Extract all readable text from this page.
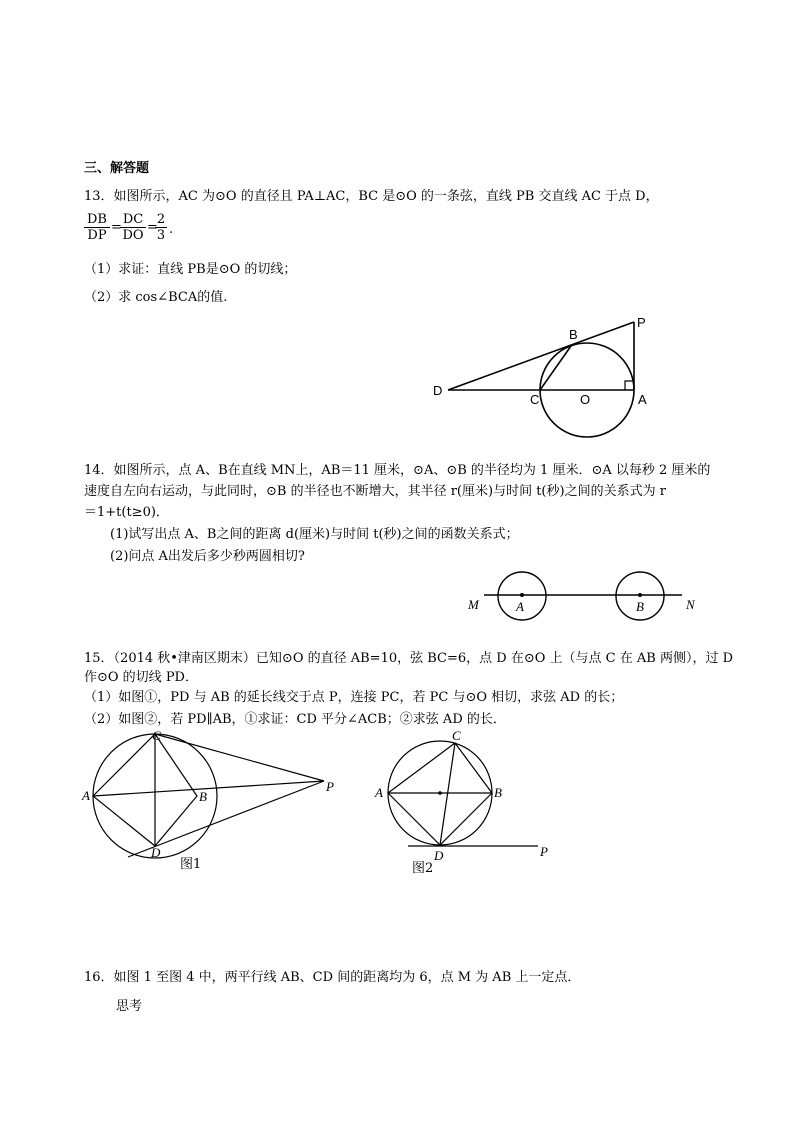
三、解答题
13．如图所示，AC 为⊙O 的直径且 PA⊥AC，BC 是⊙O 的一条弦，直线 PB 交直线 AC 于点 D，
$\frac{DB}{DP}$ =
$\frac{DC}{DO}$ =
$\frac{2}{3}$ .
（1）求证：直线 PB是⊙O 的切线；
（2）求 cos∠BCA的值.
14．如图所示，点 A、B在直线 MN上，AB＝11 厘米，⊙A、⊙B 的半径均为 1 厘米．⊙A 以每秒 2 厘米的
速度自左向右运动，与此同时，⊙B 的半径也不断增大，其半径 r(厘米)与时间 t(秒)之间的关系式为 r
＝1+t(t≥0)．
(1)试写出点 A、B之间的距离 d(厘米)与时间 t(秒)之间的函数关系式；
(2)问点 A出发后多少秒两圆相切?
15．（2014 秋•津南区期末）已知⊙O 的直径 AB=10，弦 BC=6，点 D 在⊙O 上（与点 C 在 AB 两侧），过 D
作⊙O 的切线 PD．
（1）如图①，PD 与 AB 的延长线交于点 P，连接 PC，若 PC 与⊙O 相切，求弦 AD 的长；
（2）如图②，若 PD∥AB，①求证：CD 平分∠ACB；②求弦 AD 的长．
16．如图 1 至图 4 中，两平行线 AB、CD 间的距离均为 6，点 M 为 AB 上一定点．
思考
P
B
D
C	O	A
M	A	B	N
A
C
B
D
P
图1
A
C
B
D	P
图2
